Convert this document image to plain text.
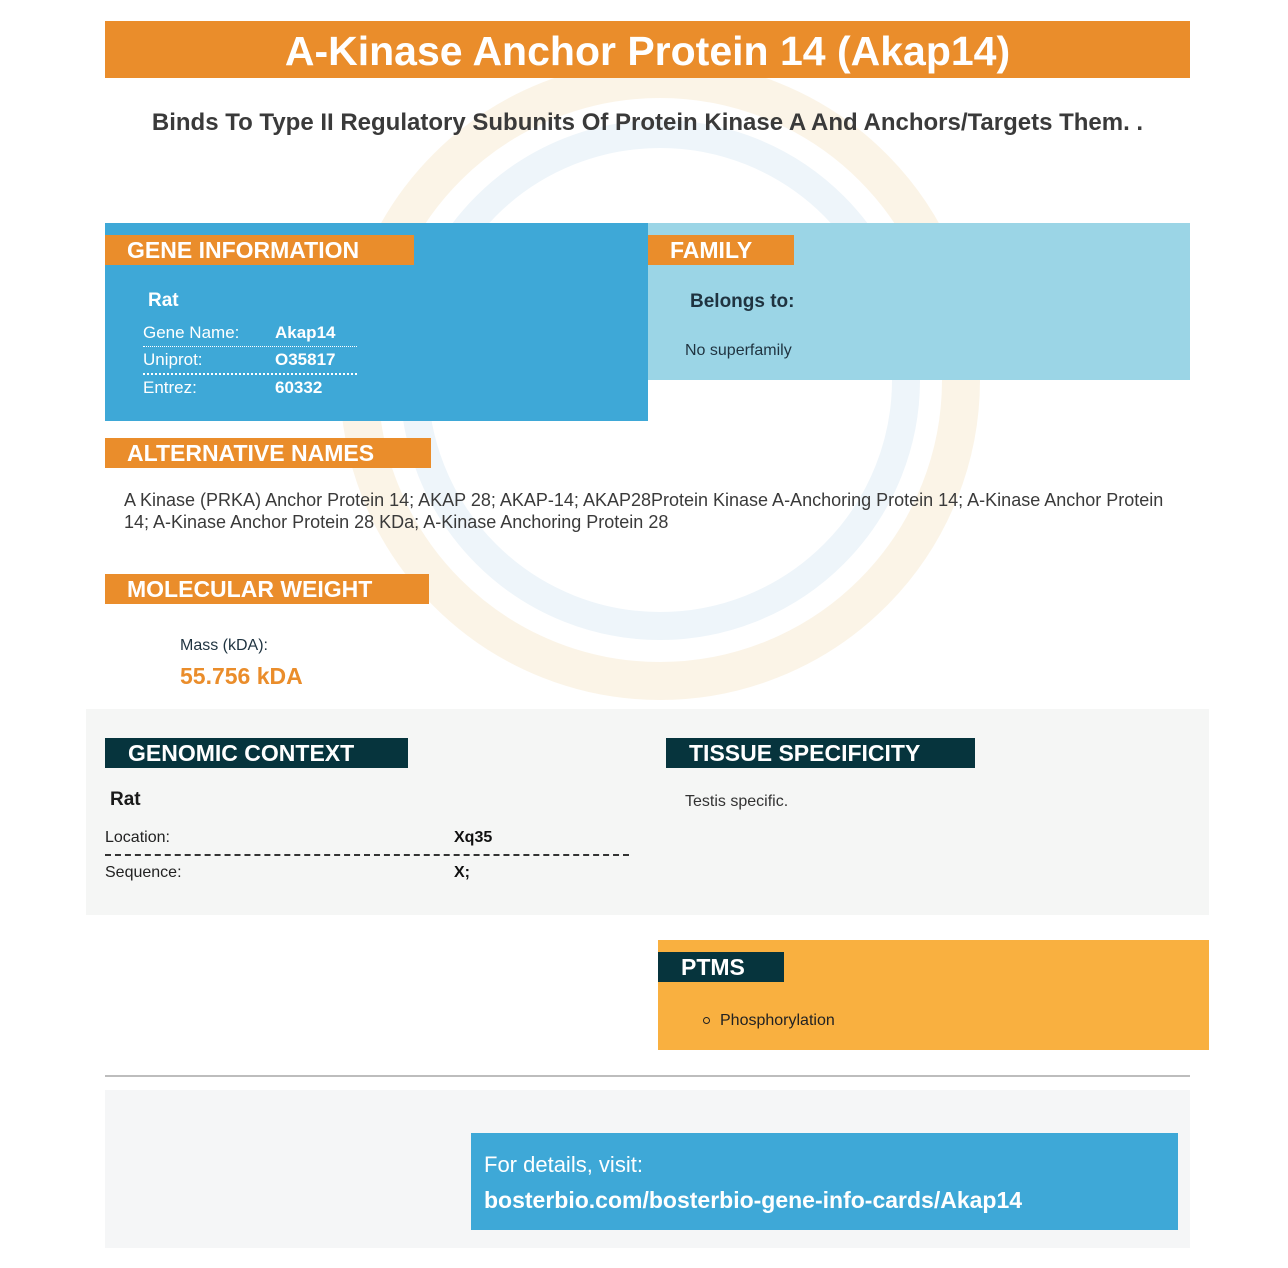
A-Kinase Anchor Protein 14 (Akap14)
Binds To Type II Regulatory Subunits Of Protein Kinase A And Anchors/Targets Them. .
GENE INFORMATION
Rat
Gene Name: Akap14
Uniprot:	O35817
Entrez:	60332
FAMILY
Belongs to:
No superfamily
ALTERNATIVE NAMES
A Kinase (PRKA) Anchor Protein 14; AKAP 28; AKAP-14; AKAP28Protein Kinase A-Anchoring Protein 14; A-Kinase Anchor Protein 14; A-Kinase Anchor Protein 28 KDa; A-Kinase Anchoring Protein 28
MOLECULAR WEIGHT
Mass (kDA):
55.756 kDA
GENOMIC CONTEXT
Rat
Location:	Xq35
Sequence:	X;
TISSUE SPECIFICITY
Testis specific.
PTMS
Phosphorylation
For details, visit:
bosterbio.com/bosterbio-gene-info-cards/Akap14
